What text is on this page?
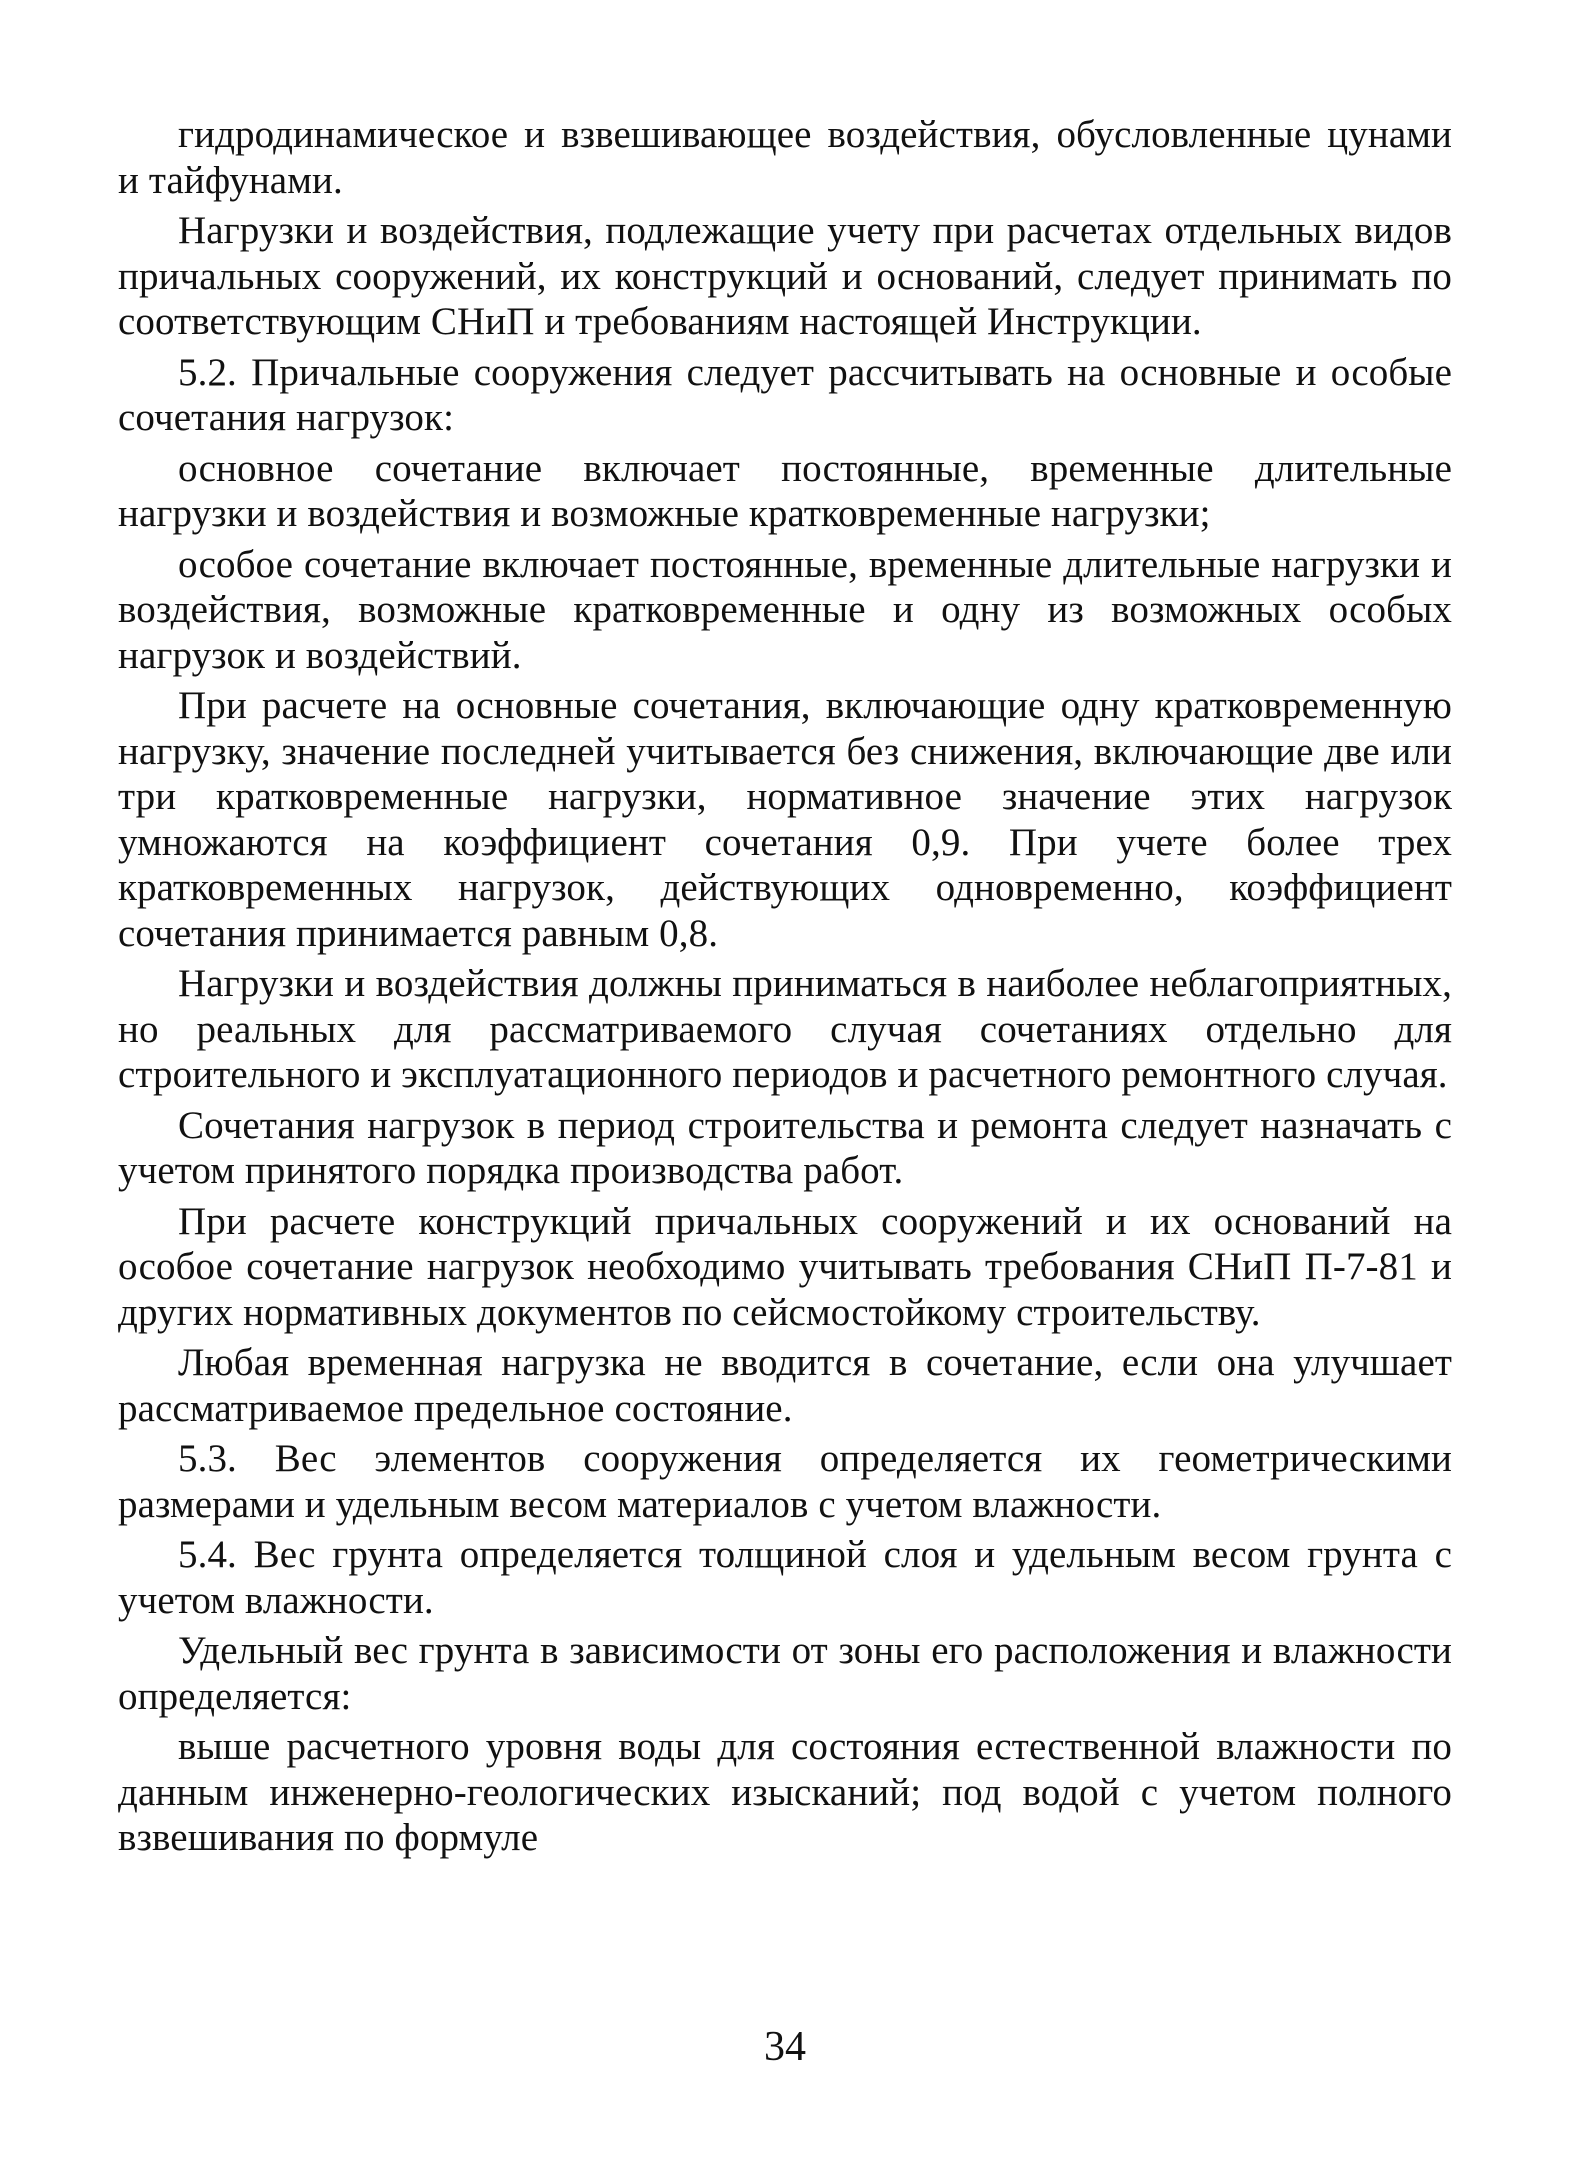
гидродинамическое и взвешивающее воздействия, обусловленные цунами и тайфунами.

Нагрузки и воздействия, подлежащие учету при расчетах отдельных видов причальных сооружений, их конструкций и оснований, следует принимать по соответствующим СНиП и требованиям настоящей Инструкции.

5.2. Причальные сооружения следует рассчитывать на основные и особые сочетания нагрузок:

основное сочетание включает постоянные, временные длительные нагрузки и воздействия и возможные кратковременные нагрузки;

особое сочетание включает постоянные, временные длительные нагрузки и воздействия, возможные кратковременные и одну из возможных особых нагрузок и воздействий.

При расчете на основные сочетания, включающие одну кратковременную нагрузку, значение последней учитывается без снижения, включающие две или три кратковременные нагрузки, нормативное значение этих нагрузок умножаются на коэффициент сочетания 0,9. При учете более трех кратковременных нагрузок, действующих одновременно, коэффициент сочетания принимается равным 0,8.

Нагрузки и воздействия должны приниматься в наиболее неблагоприятных, но реальных для рассматриваемого случая сочетаниях отдельно для строительного и эксплуатационного периодов и расчетного ремонтного случая.

Сочетания нагрузок в период строительства и ремонта следует назначать с учетом принятого порядка производства работ.

При расчете конструкций причальных сооружений и их оснований на особое сочетание нагрузок необходимо учитывать требования СНиП П-7-81 и других нормативных документов по сейсмостойкому строительству.

Любая временная нагрузка не вводится в сочетание, если она улучшает рассматриваемое предельное состояние.

5.3. Вес элементов сооружения определяется их геометрическими размерами и удельным весом материалов с учетом влажности.

5.4. Вес грунта определяется толщиной слоя и удельным весом грунта с учетом влажности.

Удельный вес грунта в зависимости от зоны его расположения и влажности определяется:

выше расчетного уровня воды для состояния естественной влажности по данным инженерно-геологических изысканий; под водой с учетом полного взвешивания по формуле

34
